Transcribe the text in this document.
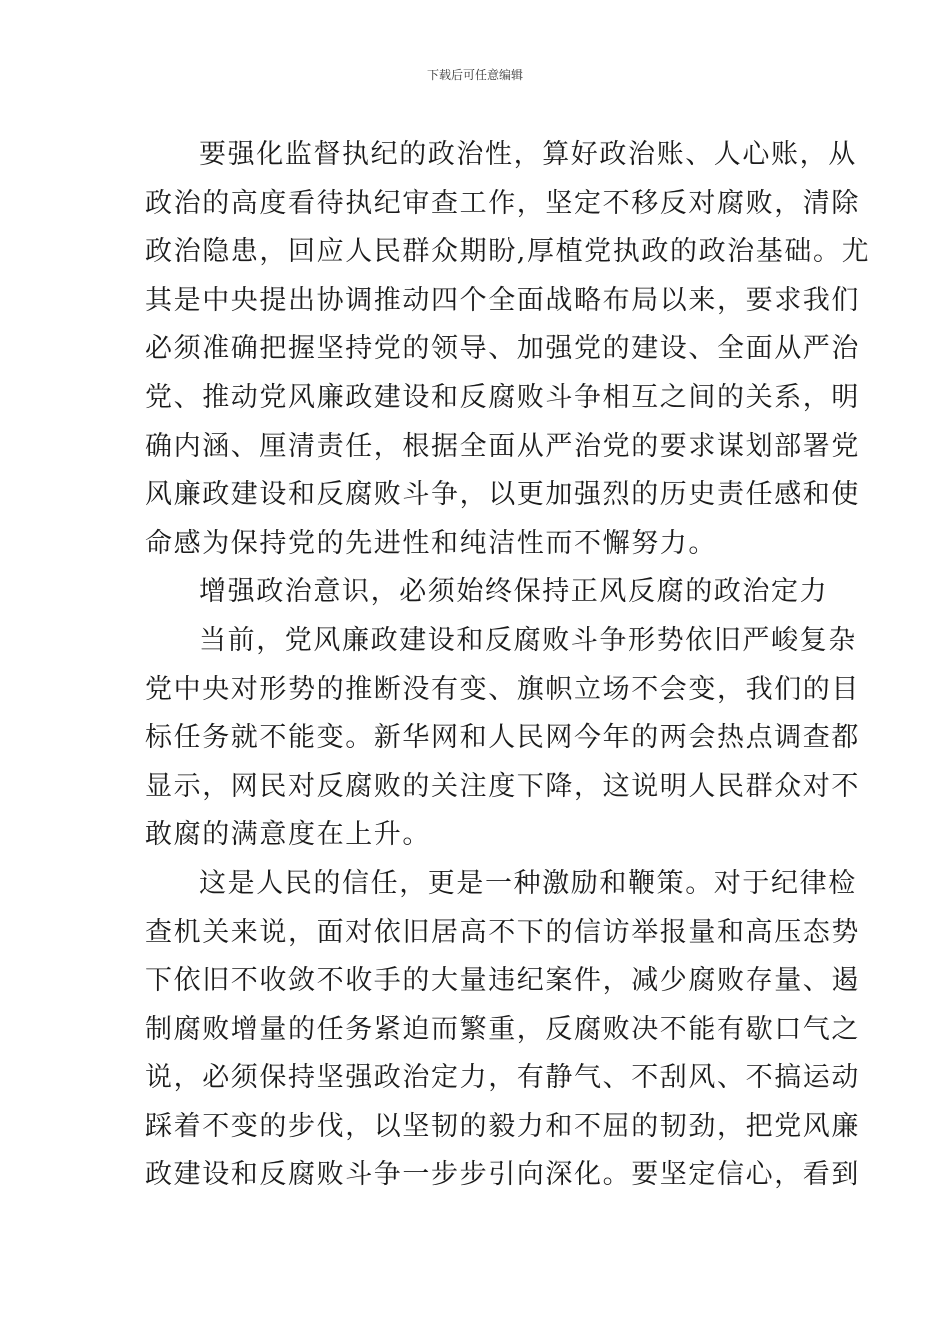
下载后可任意编辑
要强化监督执纪的政治性，算好政治账、人心账，从
政治的高度看待执纪审查工作，坚定不移反对腐败，清除
政治隐患，回应人民群众期盼,厚植党执政的政治基础。尤
其是中央提出协调推动四个全面战略布局以来，要求我们
必须准确把握坚持党的领导、加强党的建设、全面从严治
党、推动党风廉政建设和反腐败斗争相互之间的关系，明
确内涵、厘清责任，根据全面从严治党的要求谋划部署党
风廉政建设和反腐败斗争，以更加强烈的历史责任感和使
命感为保持党的先进性和纯洁性而不懈努力。
增强政治意识，必须始终保持正风反腐的政治定力
当前，党风廉政建设和反腐败斗争形势依旧严峻复杂
党中央对形势的推断没有变、旗帜立场不会变，我们的目
标任务就不能变。新华网和人民网今年的两会热点调查都
显示，网民对反腐败的关注度下降，这说明人民群众对不
敢腐的满意度在上升。
这是人民的信任，更是一种激励和鞭策。对于纪律检
查机关来说，面对依旧居高不下的信访举报量和高压态势
下依旧不收敛不收手的大量违纪案件，减少腐败存量、遏
制腐败增量的任务紧迫而繁重，反腐败决不能有歇口气之
说，必须保持坚强政治定力，有静气、不刮风、不搞运动
踩着不变的步伐，以坚韧的毅力和不屈的韧劲，把党风廉
政建设和反腐败斗争一步步引向深化。要坚定信心，看到
